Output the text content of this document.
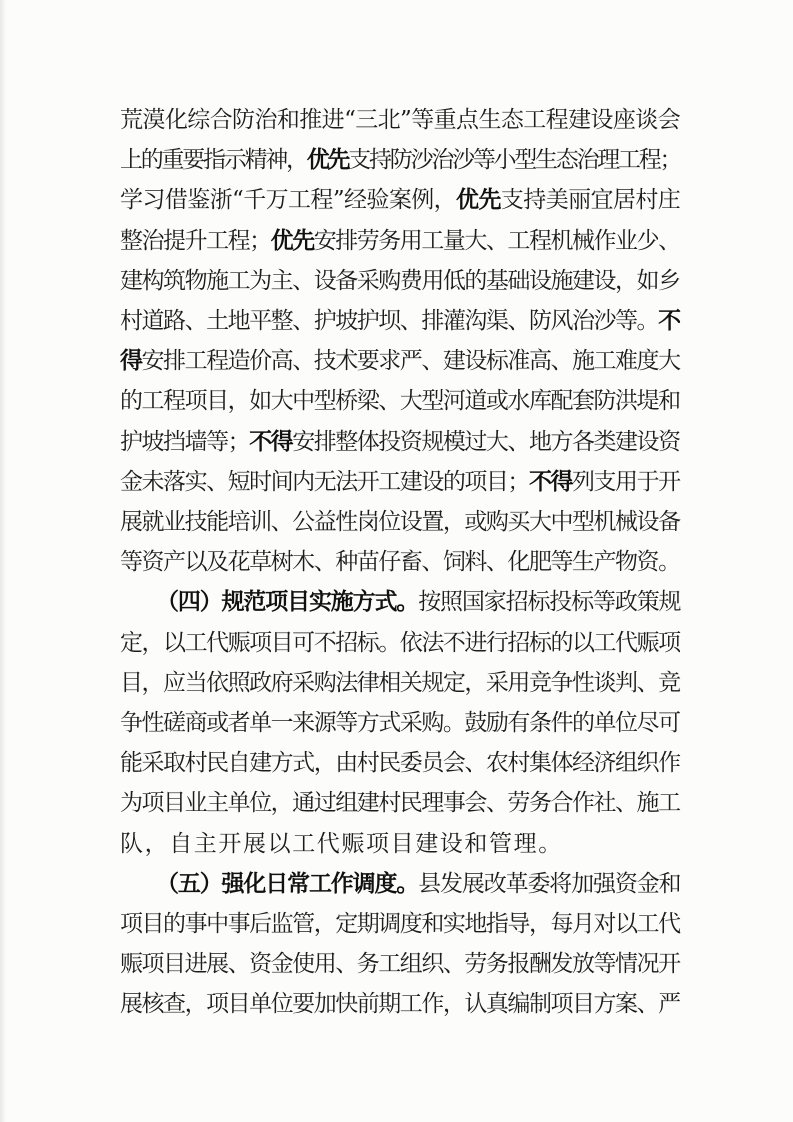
荒漠化综合防治和推进“三北”等重点生态工程建设座谈会
上的重要指示精神，优先支持防沙治沙等小型生态治理工程；
学习借鉴浙“千万工程”经验案例，优先支持美丽宜居村庄
整治提升工程；优先安排劳务用工量大、工程机械作业少、
建构筑物施工为主、设备采购费用低的基础设施建设，如乡
村道路、土地平整、护坡护坝、排灌沟渠、防风治沙等。不
得安排工程造价高、技术要求严、建设标准高、施工难度大
的工程项目，如大中型桥梁、大型河道或水库配套防洪堤和
护坡挡墙等；不得安排整体投资规模过大、地方各类建设资
金未落实、短时间内无法开工建设的项目；不得列支用于开
展就业技能培训、公益性岗位设置，或购买大中型机械设备
等资产以及花草树木、种苗仔畜、饲料、化肥等生产物资。
（四）规范项目实施方式。按照国家招标投标等政策规
定，以工代赈项目可不招标。依法不进行招标的以工代赈项
目，应当依照政府采购法律相关规定，采用竞争性谈判、竞
争性磋商或者单一来源等方式采购。鼓励有条件的单位尽可
能采取村民自建方式，由村民委员会、农村集体经济组织作
为项目业主单位，通过组建村民理事会、劳务合作社、施工
队，自主开展以工代赈项目建设和管理。
（五）强化日常工作调度。县发展改革委将加强资金和
项目的事中事后监管，定期调度和实地指导，每月对以工代
赈项目进展、资金使用、务工组织、劳务报酬发放等情况开
展核查，项目单位要加快前期工作，认真编制项目方案、严
